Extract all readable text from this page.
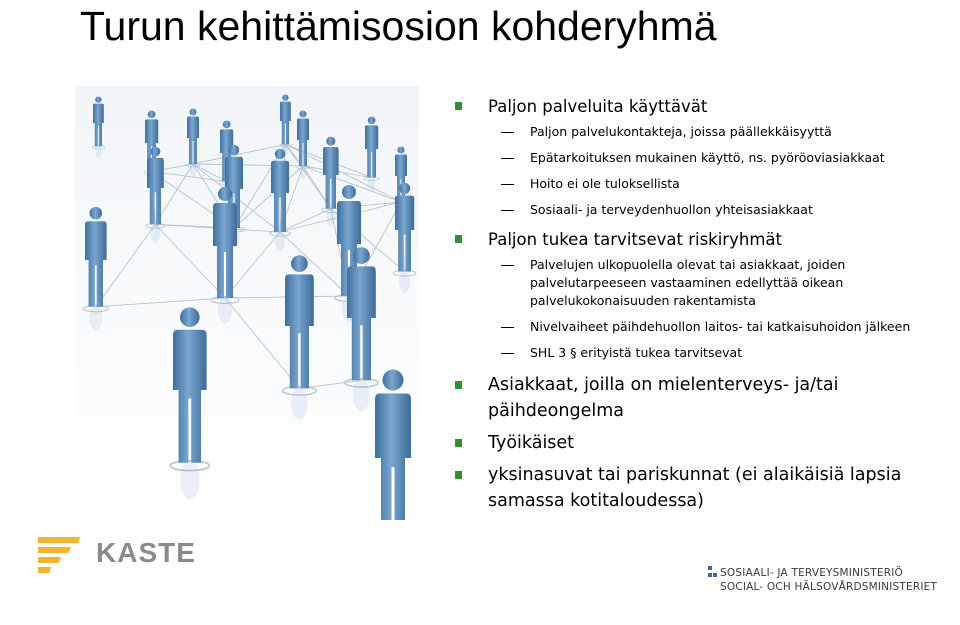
Turun kehittämisosion kohderyhmä
Paljon palveluita käyttävät
Paljon palvelukontakteja, joissa päällekkäisyyttä
Epätarkoituksen mukainen käyttö, ns. pyöröoviasiakkaat
Hoito ei ole tuloksellista
Sosiaali- ja terveydenhuollon yhteisasiakkaat
Paljon tukea tarvitsevat riskiryhmät
Palvelujen ulkopuolella olevat tai asiakkaat, joiden palvelutarpeeseen vastaaminen edellyttää oikean palvelukokonaisuuden rakentamista
Nivelvaiheet päihdehuollon laitos- tai katkaisuhoidon jälkeen
SHL 3 § erityistä tukea tarvitsevat
Asiakkaat, joilla on mielenterveys- ja/tai päihdeongelma
Työikäiset
yksinasuvat tai pariskunnat (ei alaikäisiä lapsia samassa kotitaloudessa)
KASTE
SOSIAALI- JA TERVEYSMINISTERIÖ
SOCIAL- OCH HÄLSOVÅRDSMINISTERIET
